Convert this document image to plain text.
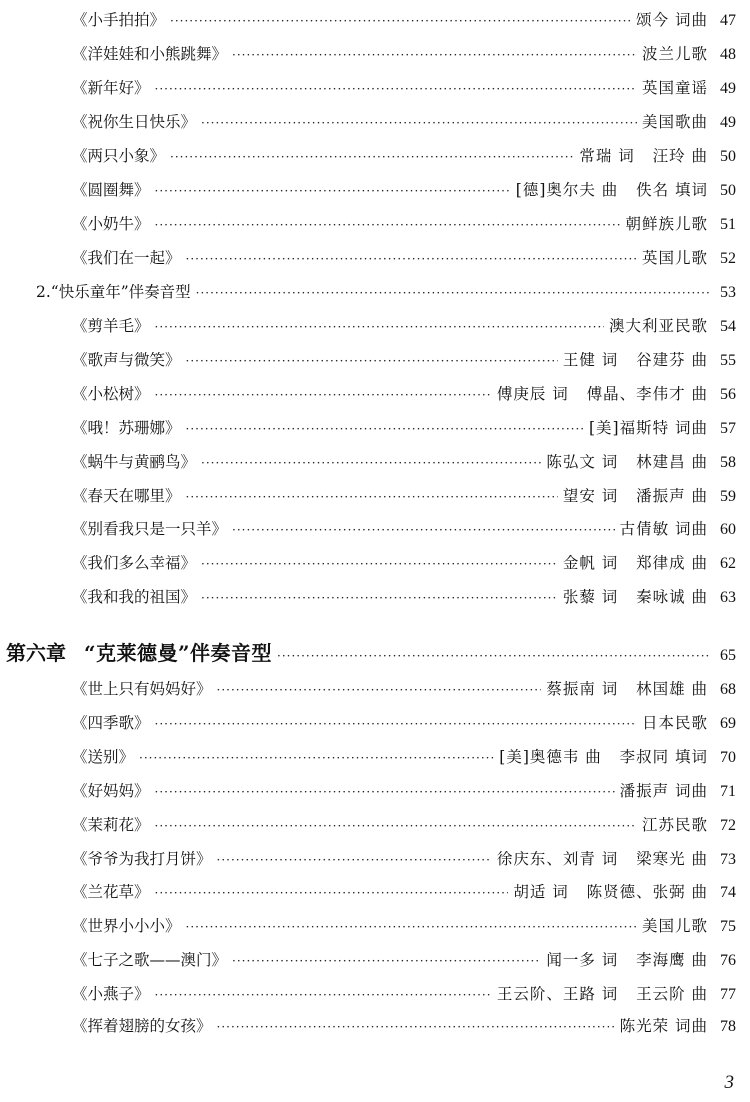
《小手拍拍》 ·····	颂今 词曲 47
《洋娃娃和小熊跳舞》 ·····	波兰儿歌 48
《新年好》 ·····	英国童谣 49
《祝你生日快乐》 ·····	美国歌曲 49
《两只小象》 ·····	常瑞 词   汪玲 曲 50
《圆圈舞》 ·····	[德]奥尔夫 曲   佚名 填词 50
《小奶牛》 ·····	朝鲜族儿歌 51
《我们在一起》 ·····	英国儿歌 52
2.“快乐童年”伴奏音型 ·····	53
《剪羊毛》 ·····	澳大利亚民歌 54
《歌声与微笑》 ·····	王健 词   谷建芬 曲 55
《小松树》 ·····	傅庚辰 词   傅晶、李伟才 曲 56
《哦！苏珊娜》 ·····	[美]福斯特 词曲 57
《蜗牛与黄鹂鸟》 ·····	陈弘文 词   林建昌 曲 58
《春天在哪里》 ·····	望安 词   潘振声 曲 59
《别看我只是一只羊》 ·····	古倩敏 词曲 60
《我们多么幸福》 ·····	金帆 词   郑律成 曲 62
《我和我的祖国》 ·····	张藜 词   秦咏诚 曲 63
第六章 “克莱德曼”伴奏音型 ·····	65
《世上只有妈妈好》 ·····	蔡振南 词   林国雄 曲 68
《四季歌》 ·····	日本民歌 69
《送别》 ·····	[美]奥德韦 曲   李叔同 填词 70
《好妈妈》 ·····	潘振声 词曲 71
《茉莉花》 ·····	江苏民歌 72
《爷爷为我打月饼》 ·····	徐庆东、刘青 词   梁寒光 曲 73
《兰花草》 ·····	胡适 词   陈贤德、张弼 曲 74
《世界小小小》 ·····	美国儿歌 75
《七子之歌——澳门》 ·····	闻一多 词   李海鹰 曲 76
《小燕子》 ·····	王云阶、王路 词   王云阶 曲 77
《挥着翅膀的女孩》 ·····	陈光荣 词曲 78
3
